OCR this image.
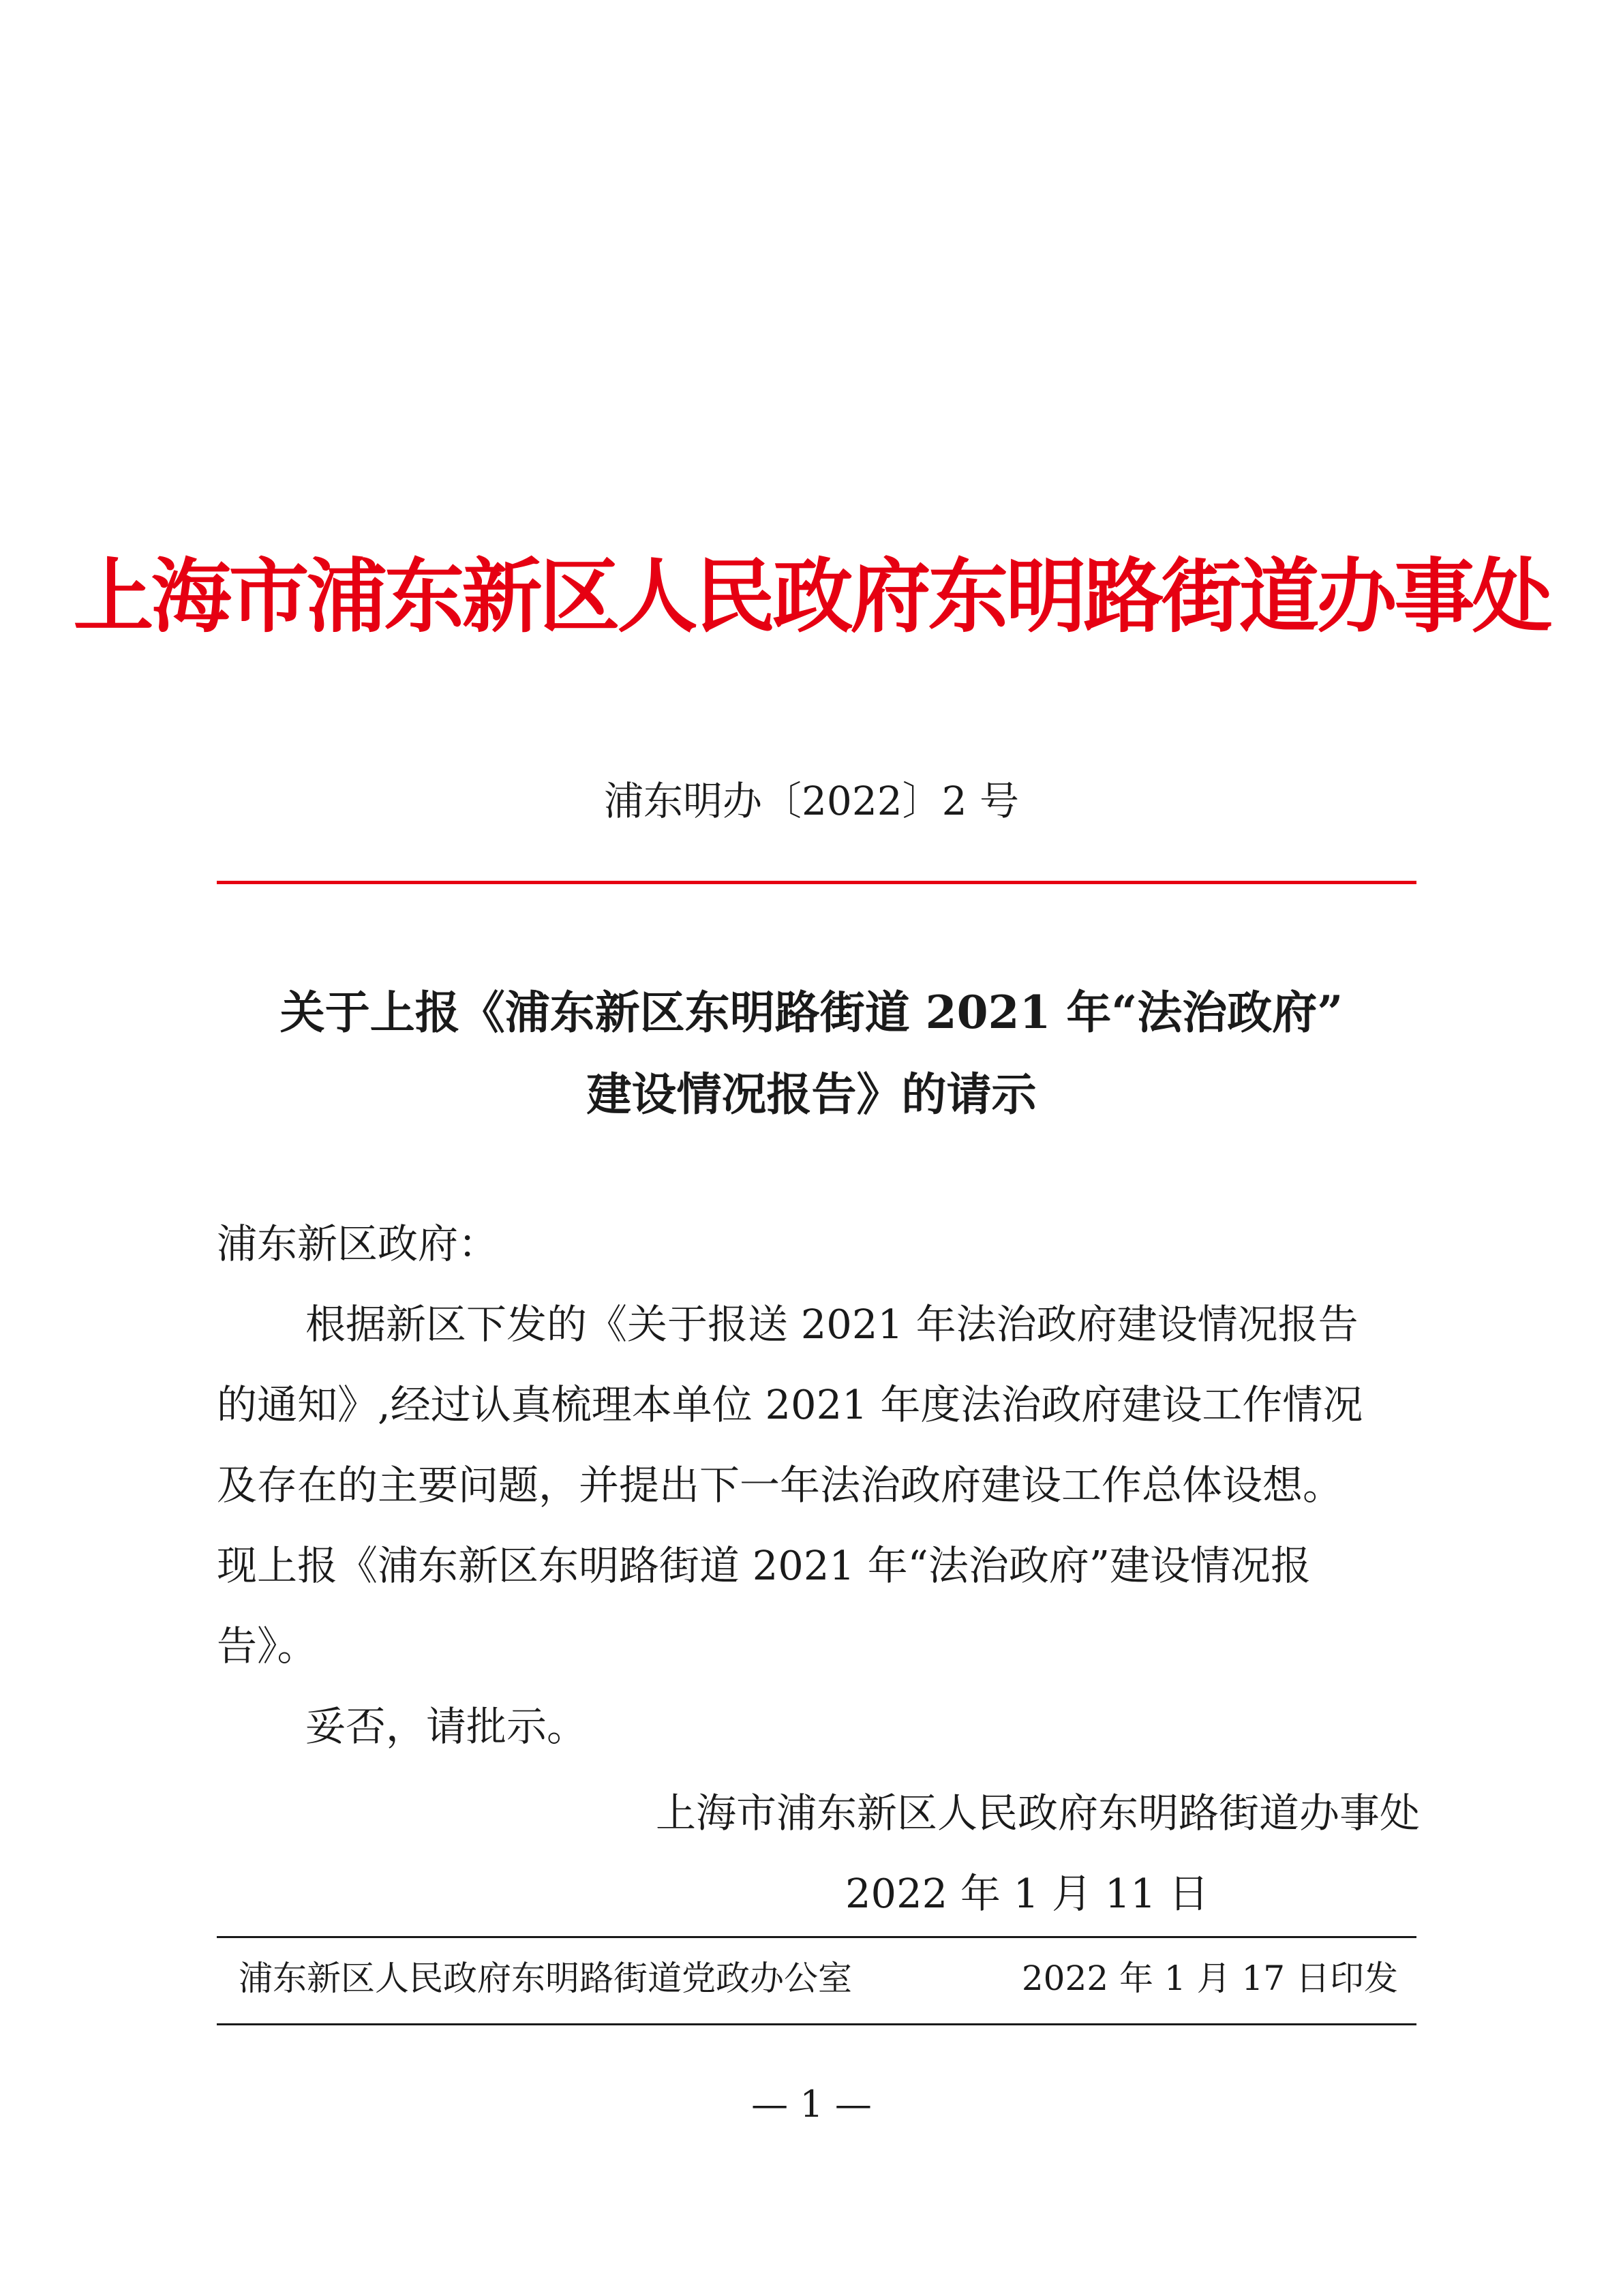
上海市浦东新区人民政府东明路街道办事处
浦东明办〔2022〕2 号
关于上报《浦东新区东明路街道 2021 年“法治政府”
建设情况报告》的请示
浦东新区政府：
根据新区下发的《关于报送 2021 年法治政府建设情况报告
的通知》,经过认真梳理本单位 2021 年度法治政府建设工作情况
及存在的主要问题，并提出下一年法治政府建设工作总体设想。
现上报《浦东新区东明路街道 2021 年“法治政府”建设情况报
告》。
妥否，请批示。
上海市浦东新区人民政府东明路街道办事处
2022 年 1 月 11 日
浦东新区人民政府东明路街道党政办公室	2022 年 1 月 17 日印发
— 1 —
